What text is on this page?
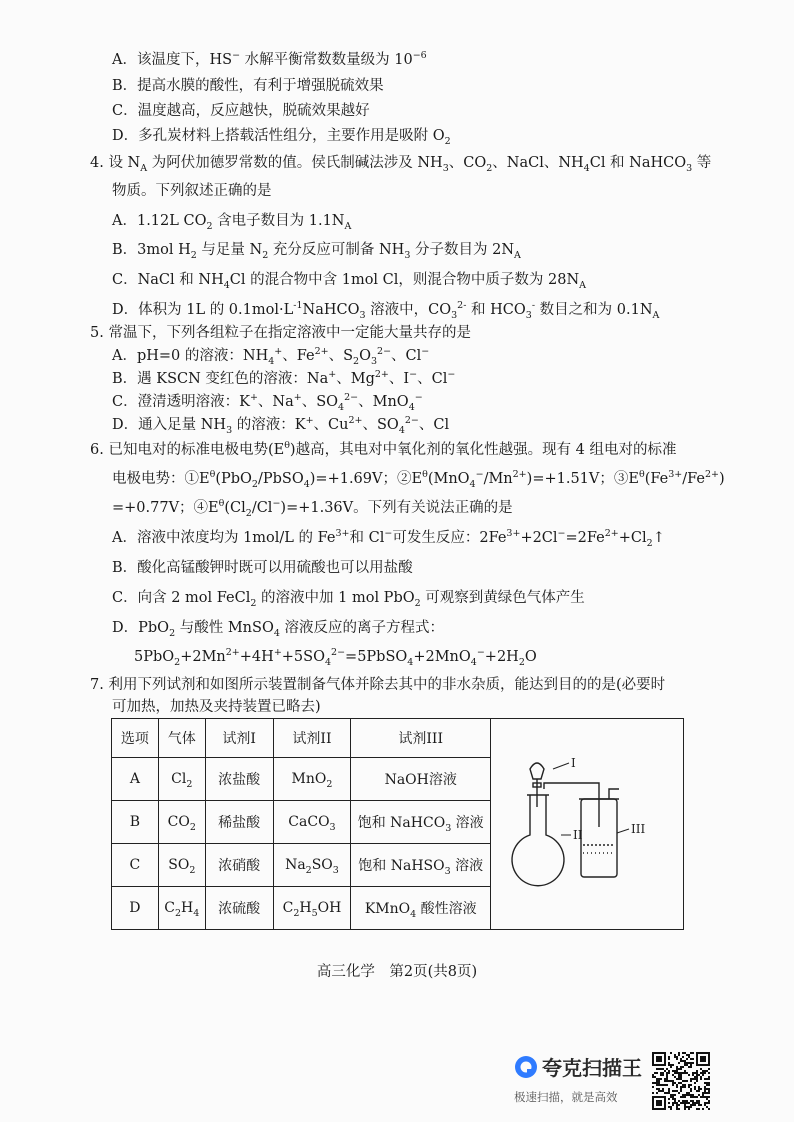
A．该温度下，HS− 水解平衡常数数量级为 $10^{-6}$
B．提高水膜的酸性，有利于增强脱硫效果
C．温度越高，反应越快，脱硫效果越好
D．多孔炭材料上搭载活性组分，主要作用是吸附 $O_2$
4. 设 $N_A$ 为阿伏加德罗常数的值。侯氏制碱法涉及 $NH_3$、$CO_2$、NaCl、$NH_4Cl$ 和 NaHCO$_3$ 等
物质。下列叙述正确的是
A．1.12L $CO_2$ 含电子数目为 $1.1N_A$
B．3mol $H_2$ 与足量 $N_2$ 充分反应可制备 $NH_3$ 分子数目为 $2N_A$
C．NaCl 和 $NH_4Cl$ 的混合物中含 1mol Cl，则混合物中质子数为 $28N_A$
D．体积为 1L 的 $0.1mol\cdot L^{-1}NaHCO_3$ 溶液中，$CO_3^{2-}$ 和 $HCO_3^-$ 数目之和为 $0.1N_A$
5. 常温下，下列各组粒子在指定溶液中一定能大量共存的是
A．pH=0 的溶液：$NH_4^+$、$Fe^{2+}$、$S_2O_3^{2-}$、Cl−
B．遇 KSCN 变红色的溶液：Na+、$Mg^{2+}$、I−、Cl−
C．澄清透明溶液：K+、Na+、$SO_4^{2-}$、MnO$_4$−
D．通入足量 $NH_3$ 的溶液：K+、$Cu^{2+}$、$SO_4^{2-}$、Cl
6. 已知电对的标准电极电势$(E^\theta)$越高，其电对中氧化剂的氧化性越强。现有 4 组电对的标准
电极电势：$①E^\theta(PbO_2/PbSO_4)=+1.69V$；$②E^\theta(MnO_4^-/Mn^{2+})=+1.51V$；$③E^\theta(Fe^{3+}/Fe^{2+})$
=+0.77V；$④E^\theta(Cl_2/Cl^-)=+1.36V$。下列有关说法正确的是
A．溶液中浓度均为 1mol/L 的 $Fe^{3+}$和 Cl−可发生反应：$2Fe^{3+}+2Cl^-=2Fe^{2+}+Cl_2↑$
B．酸化高锰酸钾时既可以用硫酸也可以用盐酸
C．向含 2 mol FeCl$_2$ 的溶液中加 1 mol PbO$_2$ 可观察到黄绿色气体产生
D．PbO$_2$ 与酸性 MnSO$_4$ 溶液反应的离子方程式：
$5PbO_2+2Mn^{2+}+4H^++5SO_4^{2-}=5PbSO_4+2MnO_4^-+2H_2O$
7. 利用下列试剂和如图所示装置制备气体并除去其中的非水杂质，能达到目的的是(必要时
可加热，加热及夹持装置已略去)
选项	气体	试剂I	试剂II	试剂III	I
II III

A	$Cl_2$	浓盐酸	MnO$_2$	NaOH溶液	
B	$CO_2$	稀盐酸	CaCO$_3$	饱和 NaHCO$_3$ 溶液	
C	$SO_2$	浓硝酸	$Na_2SO_3$	饱和 NaHSO$_3$ 溶液	
D	$C_2H_4$	浓硫酸	$C_2H_5OH$	KMnO$_4$ 酸性溶液	
高三化学　第2页(共8页)
夸克扫描王
极速扫描，就是高效
